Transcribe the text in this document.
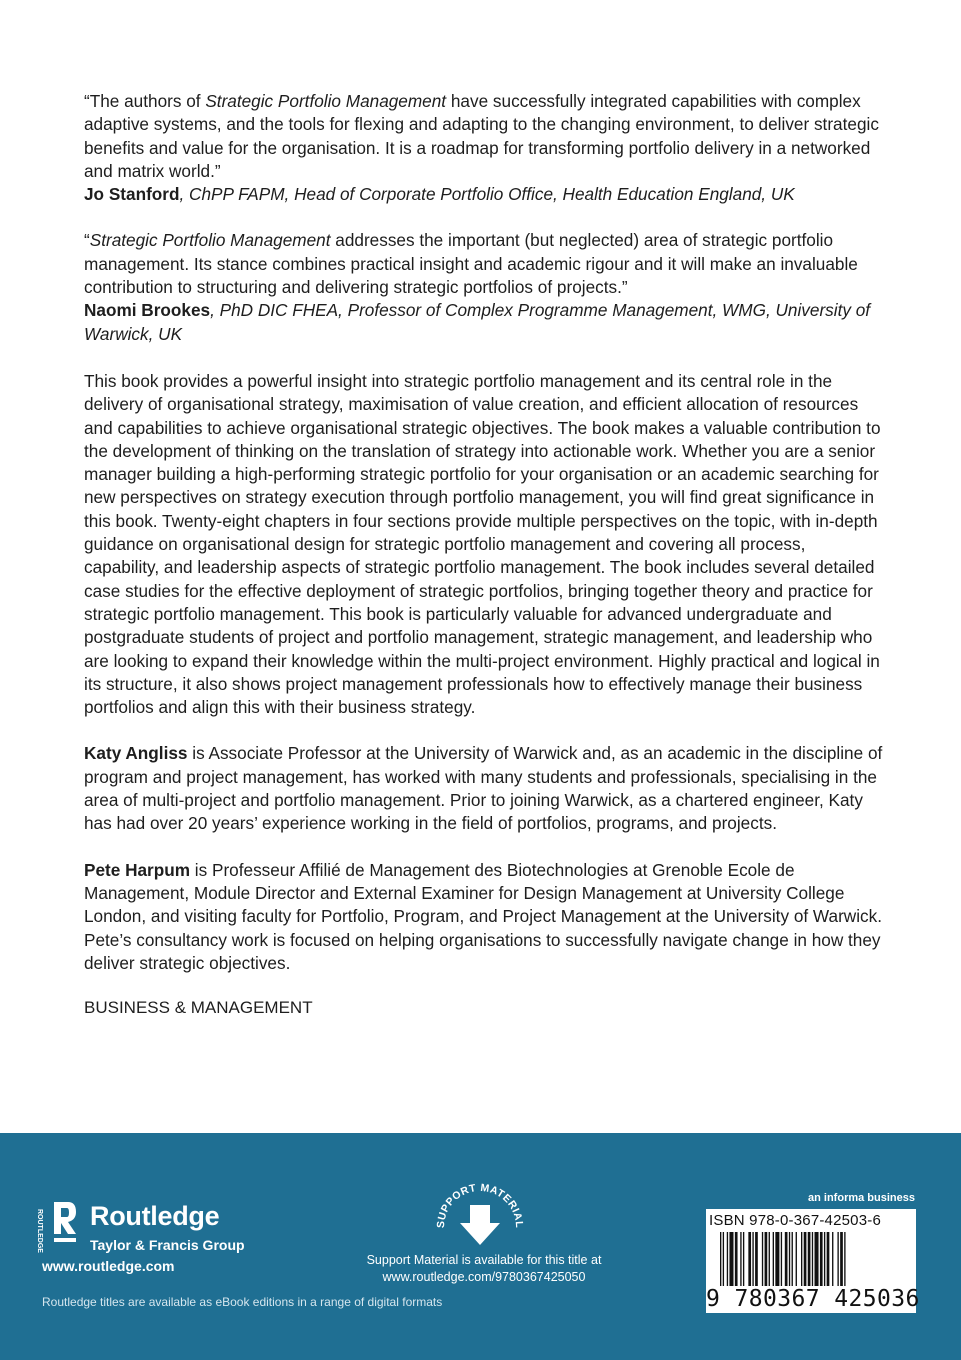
“The authors of Strategic Portfolio Management have successfully integrated capabilities with complex adaptive systems, and the tools for flexing and adapting to the changing environment, to deliver strategic benefits and value for the organisation. It is a roadmap for transforming portfolio delivery in a networked and matrix world.”

Jo Stanford, ChPP FAPM, Head of Corporate Portfolio Office, Health Education England, UK

“Strategic Portfolio Management addresses the important (but neglected) area of strategic portfolio management. Its stance combines practical insight and academic rigour and it will make an invaluable contribution to structuring and delivering strategic portfolios of projects.”

Naomi Brookes, PhD DIC FHEA, Professor of Complex Programme Management, WMG, University of Warwick, UK

This book provides a powerful insight into strategic portfolio management and its central role in the delivery of organisational strategy, maximisation of value creation, and efficient allocation of resources and capabilities to achieve organisational strategic objectives. The book makes a valuable contribution to the development of thinking on the translation of strategy into actionable work. Whether you are a senior manager building a high-performing strategic portfolio for your organisation or an academic searching for new perspectives on strategy execution through portfolio management, you will find great significance in this book. Twenty-eight chapters in four sections provide multiple perspectives on the topic, with in-depth guidance on organisational design for strategic portfolio management and covering all process, capability, and leadership aspects of strategic portfolio management. The book includes several detailed case studies for the effective deployment of strategic portfolios, bringing together theory and practice for strategic portfolio management. This book is particularly valuable for advanced undergraduate and postgraduate students of project and portfolio management, strategic management, and leadership who are looking to expand their knowledge within the multi-project environment. Highly practical and logical in its structure, it also shows project management professionals how to effectively manage their business portfolios and align this with their business strategy.

Katy Angliss is Associate Professor at the University of Warwick and, as an academic in the discipline of program and project management, has worked with many students and professionals, specialising in the area of multi-project and portfolio management. Prior to joining Warwick, as a chartered engineer, Katy has had over 20 years’ experience working in the field of portfolios, programs, and projects.

Pete Harpum is Professeur Affilié de Management des Biotechnologies at Grenoble Ecole de Management, Module Director and External Examiner for Design Management at University College London, and visiting faculty for Portfolio, Program, and Project Management at the University of Warwick. Pete’s consultancy work is focused on helping organisations to successfully navigate change in how they deliver strategic objectives.

BUSINESS & MANAGEMENT

ROUTLEDGE Routledge
Taylor & Francis Group
www.routledge.com
Routledge titles are available as eBook editions in a range of digital formats
SUPPORT MATERIAL
Support Material is available for this title at
www.routledge.com/9780367425050
an informa business
ISBN 978-0-367-42503-6
9 780367 425036
